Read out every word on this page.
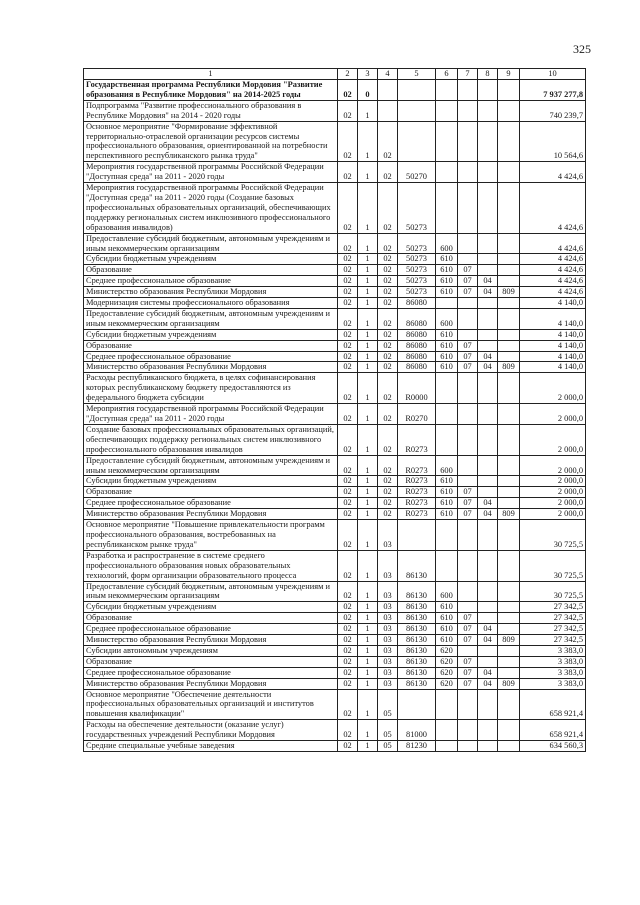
325
1	2	3	4	5	6	7	8	9	10
Государственная программа Республики Мордовия "Развитие образования в Республике Мордовия" на 2014-2025 годы	02	0							7 937 277,8
Подпрограмма "Развитие профессионального образования в Республике Мордовия" на 2014 - 2020 годы	02	1							740 239,7
Основное мероприятие "Формирование эффективной территориально-отраслевой организации ресурсов системы профессионального образования, ориентированной на потребности перспективного республиканского рынка труда"	02	1	02						10 564,6
Мероприятия государственной программы Российской Федерации "Доступная среда" на 2011 - 2020 годы	02	1	02	50270					4 424,6
Мероприятия государственной программы Российской Федерации "Доступная среда" на 2011 - 2020 годы (Создание базовых профессиональных образовательных организаций, обеспечивающих поддержку региональных систем инклюзивного профессионального образования инвалидов)	02	1	02	50273					4 424,6
Предоставление субсидий бюджетным, автономным учреждениям и иным некоммерческим организациям	02	1	02	50273	600				4 424,6
Субсидии бюджетным учреждениям	02	1	02	50273	610				4 424,6
Образование	02	1	02	50273	610	07			4 424,6
Среднее профессиональное образование	02	1	02	50273	610	07	04		4 424,6
Министерство образования Республики Мордовия	02	1	02	50273	610	07	04	809	4 424,6
Модернизация системы профессионального образования	02	1	02	86080					4 140,0
Предоставление субсидий бюджетным, автономным учреждениям и иным некоммерческим организациям	02	1	02	86080	600				4 140,0
Субсидии бюджетным учреждениям	02	1	02	86080	610				4 140,0
Образование	02	1	02	86080	610	07			4 140,0
Среднее профессиональное образование	02	1	02	86080	610	07	04		4 140,0
Министерство образования Республики Мордовия	02	1	02	86080	610	07	04	809	4 140,0
Расходы республиканского бюджета, в целях софинансирования которых республиканскому бюджету предоставляются из федерального бюджета субсидии	02	1	02	R0000					2 000,0
Мероприятия государственной программы Российской Федерации "Доступная среда" на 2011 - 2020 годы	02	1	02	R0270					2 000,0
Создание базовых профессиональных образовательных организаций, обеспечивающих поддержку региональных систем инклюзивного профессионального образования инвалидов	02	1	02	R0273					2 000,0
Предоставление субсидий бюджетным, автономным учреждениям и иным некоммерческим организациям	02	1	02	R0273	600				2 000,0
Субсидии бюджетным учреждениям	02	1	02	R0273	610				2 000,0
Образование	02	1	02	R0273	610	07			2 000,0
Среднее профессиональное образование	02	1	02	R0273	610	07	04		2 000,0
Министерство образования Республики Мордовия	02	1	02	R0273	610	07	04	809	2 000,0
Основное мероприятие "Повышение привлекательности программ профессионального образования, востребованных на республиканском рынке труда"	02	1	03						30 725,5
Разработка и распространение в системе среднего профессионального образования новых образовательных технологий, форм организации образовательного процесса	02	1	03	86130					30 725,5
Предоставление субсидий бюджетным, автономным учреждениям и иным некоммерческим организациям	02	1	03	86130	600				30 725,5
Субсидии бюджетным учреждениям	02	1	03	86130	610				27 342,5
Образование	02	1	03	86130	610	07			27 342,5
Среднее профессиональное образование	02	1	03	86130	610	07	04		27 342,5
Министерство образования Республики Мордовия	02	1	03	86130	610	07	04	809	27 342,5
Субсидии автономным учреждениям	02	1	03	86130	620				3 383,0
Образование	02	1	03	86130	620	07			3 383,0
Среднее профессиональное образование	02	1	03	86130	620	07	04		3 383,0
Министерство образования Республики Мордовия	02	1	03	86130	620	07	04	809	3 383,0
Основное мероприятие "Обеспечение деятельности профессиональных образовательных организаций и институтов повышения квалификации"	02	1	05						658 921,4
Расходы на обеспечение деятельности (оказание услуг) государственных учреждений Республики Мордовия	02	1	05	81000					658 921,4
Средние специальные учебные заведения	02	1	05	81230					634 560,3
